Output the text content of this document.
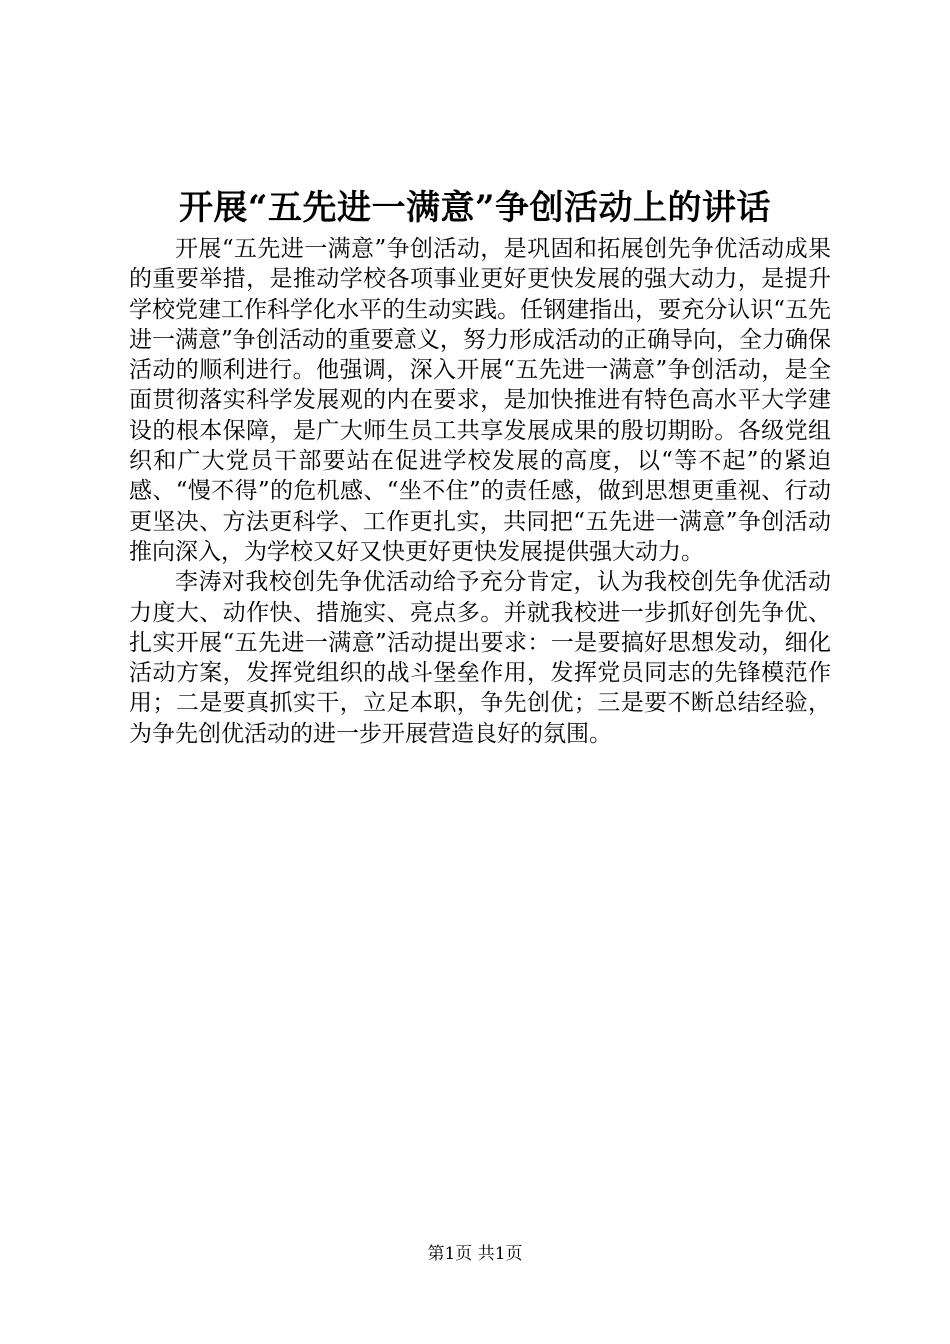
开展“五先进一满意”争创活动上的讲话

开展“五先进一满意”争创活动，是巩固和拓展创先争优活动成果的重要举措，是推动学校各项事业更好更快发展的强大动力，是提升学校党建工作科学化水平的生动实践。任钢建指出，要充分认识“五先进一满意”争创活动的重要意义，努力形成活动的正确导向，全力确保活动的顺利进行。他强调，深入开展“五先进一满意”争创活动，是全面贯彻落实科学发展观的内在要求，是加快推进有特色高水平大学建设的根本保障，是广大师生员工共享发展成果的殷切期盼。各级党组织和广大党员干部要站在促进学校发展的高度，以“等不起”的紧迫感、“慢不得”的危机感、“坐不住”的责任感，做到思想更重视、行动更坚决、方法更科学、工作更扎实，共同把“五先进一满意”争创活动推向深入，为学校又好又快更好更快发展提供强大动力。

李涛对我校创先争优活动给予充分肯定，认为我校创先争优活动力度大、动作快、措施实、亮点多。并就我校进一步抓好创先争优、扎实开展“五先进一满意”活动提出要求：一是要搞好思想发动，细化活动方案，发挥党组织的战斗堡垒作用，发挥党员同志的先锋模范作用；二是要真抓实干，立足本职，争先创优；三是要不断总结经验，为争先创优活动的进一步开展营造良好的氛围。

第1页 共1页
